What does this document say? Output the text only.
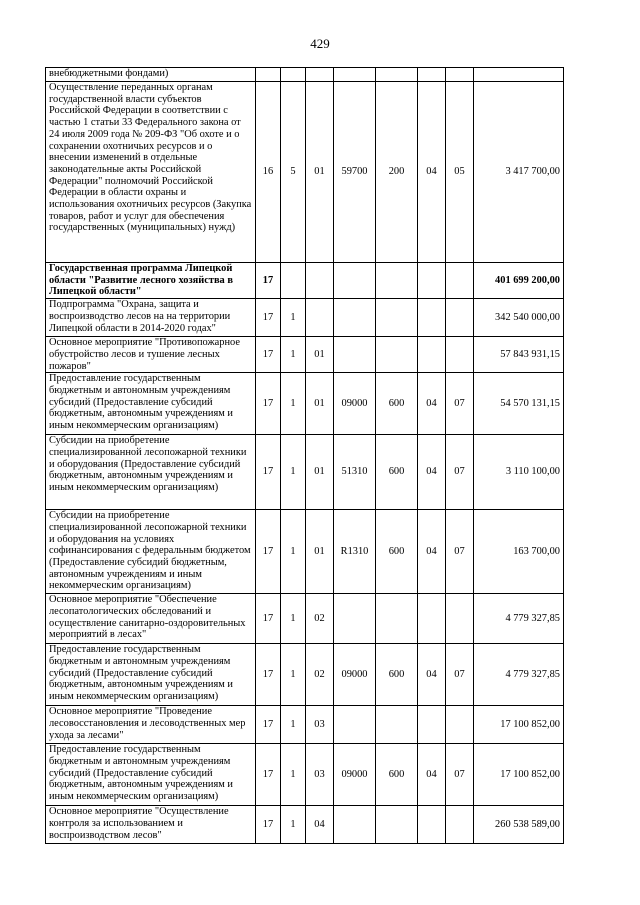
429
внебюджетными фондами)								
Осуществление переданных органам государственной власти субъектов Российской Федерации в соответствии с частью 1 статьи 33 Федерального закона от 24 июля 2009 года № 209-ФЗ "Об охоте и о сохранении охотничьих ресурсов и о внесении изменений в отдельные законодательные акты Российской Федерации" полномочий Российской Федерации в области охраны и использования охотничьих ресурсов (Закупка товаров, работ и услуг для обеспечения государственных (муниципальных) нужд)	16	5	01	59700	200	04	05	3 417 700,00
Государственная программа Липецкой области "Развитие лесного хозяйства в Липецкой области"	17							401 699 200,00
Подпрограмма "Охрана, защита и воспроизводство лесов на на территории Липецкой области в 2014-2020 годах"	17	1						342 540 000,00
Основное мероприятие "Противопожарное обустройство лесов и тушение лесных пожаров"	17	1	01					57 843 931,15
Предоставление государственным бюджетным и автономным учреждениям субсидий (Предоставление субсидий бюджетным, автономным учреждениям и иным некоммерческим организациям)	17	1	01	09000	600	04	07	54 570 131,15
Субсидии на приобретение специализированной лесопожарной техники и оборудования (Предоставление субсидий бюджетным, автономным учреждениям и иным некоммерческим организациям)	17	1	01	51310	600	04	07	3 110 100,00
Субсидии на приобретение специализированной лесопожарной техники и оборудования на условиях софинансирования с федеральным бюджетом (Предоставление субсидий бюджетным, автономным учреждениям и иным некоммерческим организациям)	17	1	01	R1310	600	04	07	163 700,00
Основное мероприятие "Обеспечение лесопатологических обследований и осуществление санитарно-оздоровительных мероприятий в лесах"	17	1	02					4 779 327,85
Предоставление государственным бюджетным и автономным учреждениям субсидий (Предоставление субсидий бюджетным, автономным учреждениям и иным некоммерческим организациям)	17	1	02	09000	600	04	07	4 779 327,85
Основное мероприятие "Проведение лесовосстановления и лесоводственных мер ухода за лесами"	17	1	03					17 100 852,00
Предоставление государственным бюджетным и автономным учреждениям субсидий (Предоставление субсидий бюджетным, автономным учреждениям и иным некоммерческим организациям)	17	1	03	09000	600	04	07	17 100 852,00
Основное мероприятие "Осуществление контроля за использованием и воспроизводством лесов"	17	1	04					260 538 589,00
